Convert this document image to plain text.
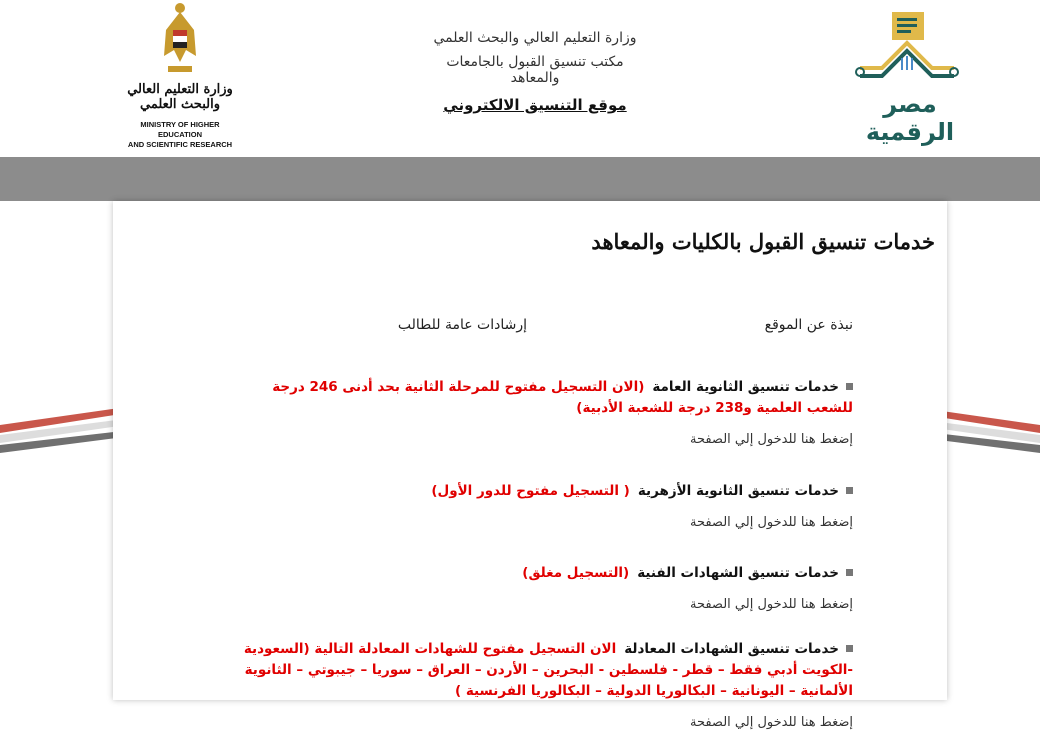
مصر الرقمية
وزارة التعليم العالي والبحث العلمي
مكتب تنسيق القبول بالجامعات والمعاهد
موقع التنسيق الالكتروني
وزارة التعليم العالي والبحث العلمي
MINISTRY OF HIGHER EDUCATION
AND SCIENTIFIC RESEARCH
خدمات تنسيق القبول بالكليات والمعاهد
نبذة عن الموقع
إرشادات عامة للطالب
خدمات تنسيق الثانوية العامة(الان التسجيل مفتوح للمرحلة الثانية بحد أدنى 246 درجة للشعب العلمية و238 درجة للشعبة الأدبية)
إضغط هنا للدخول إلي الصفحة
خدمات تنسيق الثانوية الأزهرية( التسجيل مفتوح للدور الأول)
إضغط هنا للدخول إلي الصفحة
خدمات تنسيق الشهادات الفنية(التسجيل مغلق)
إضغط هنا للدخول إلي الصفحة
خدمات تنسيق الشهادات المعادلةالان التسجيل مفتوح للشهادات المعادلة التالية (السعودية -الكويت أدبي فقط – قطر - فلسطين - البحرين – الأردن – العراق – سوريا – جيبوتي – الثانوية الألمانية – اليونانية – البكالوريا الدولية – البكالوريا الفرنسية )
إضغط هنا للدخول إلي الصفحة
